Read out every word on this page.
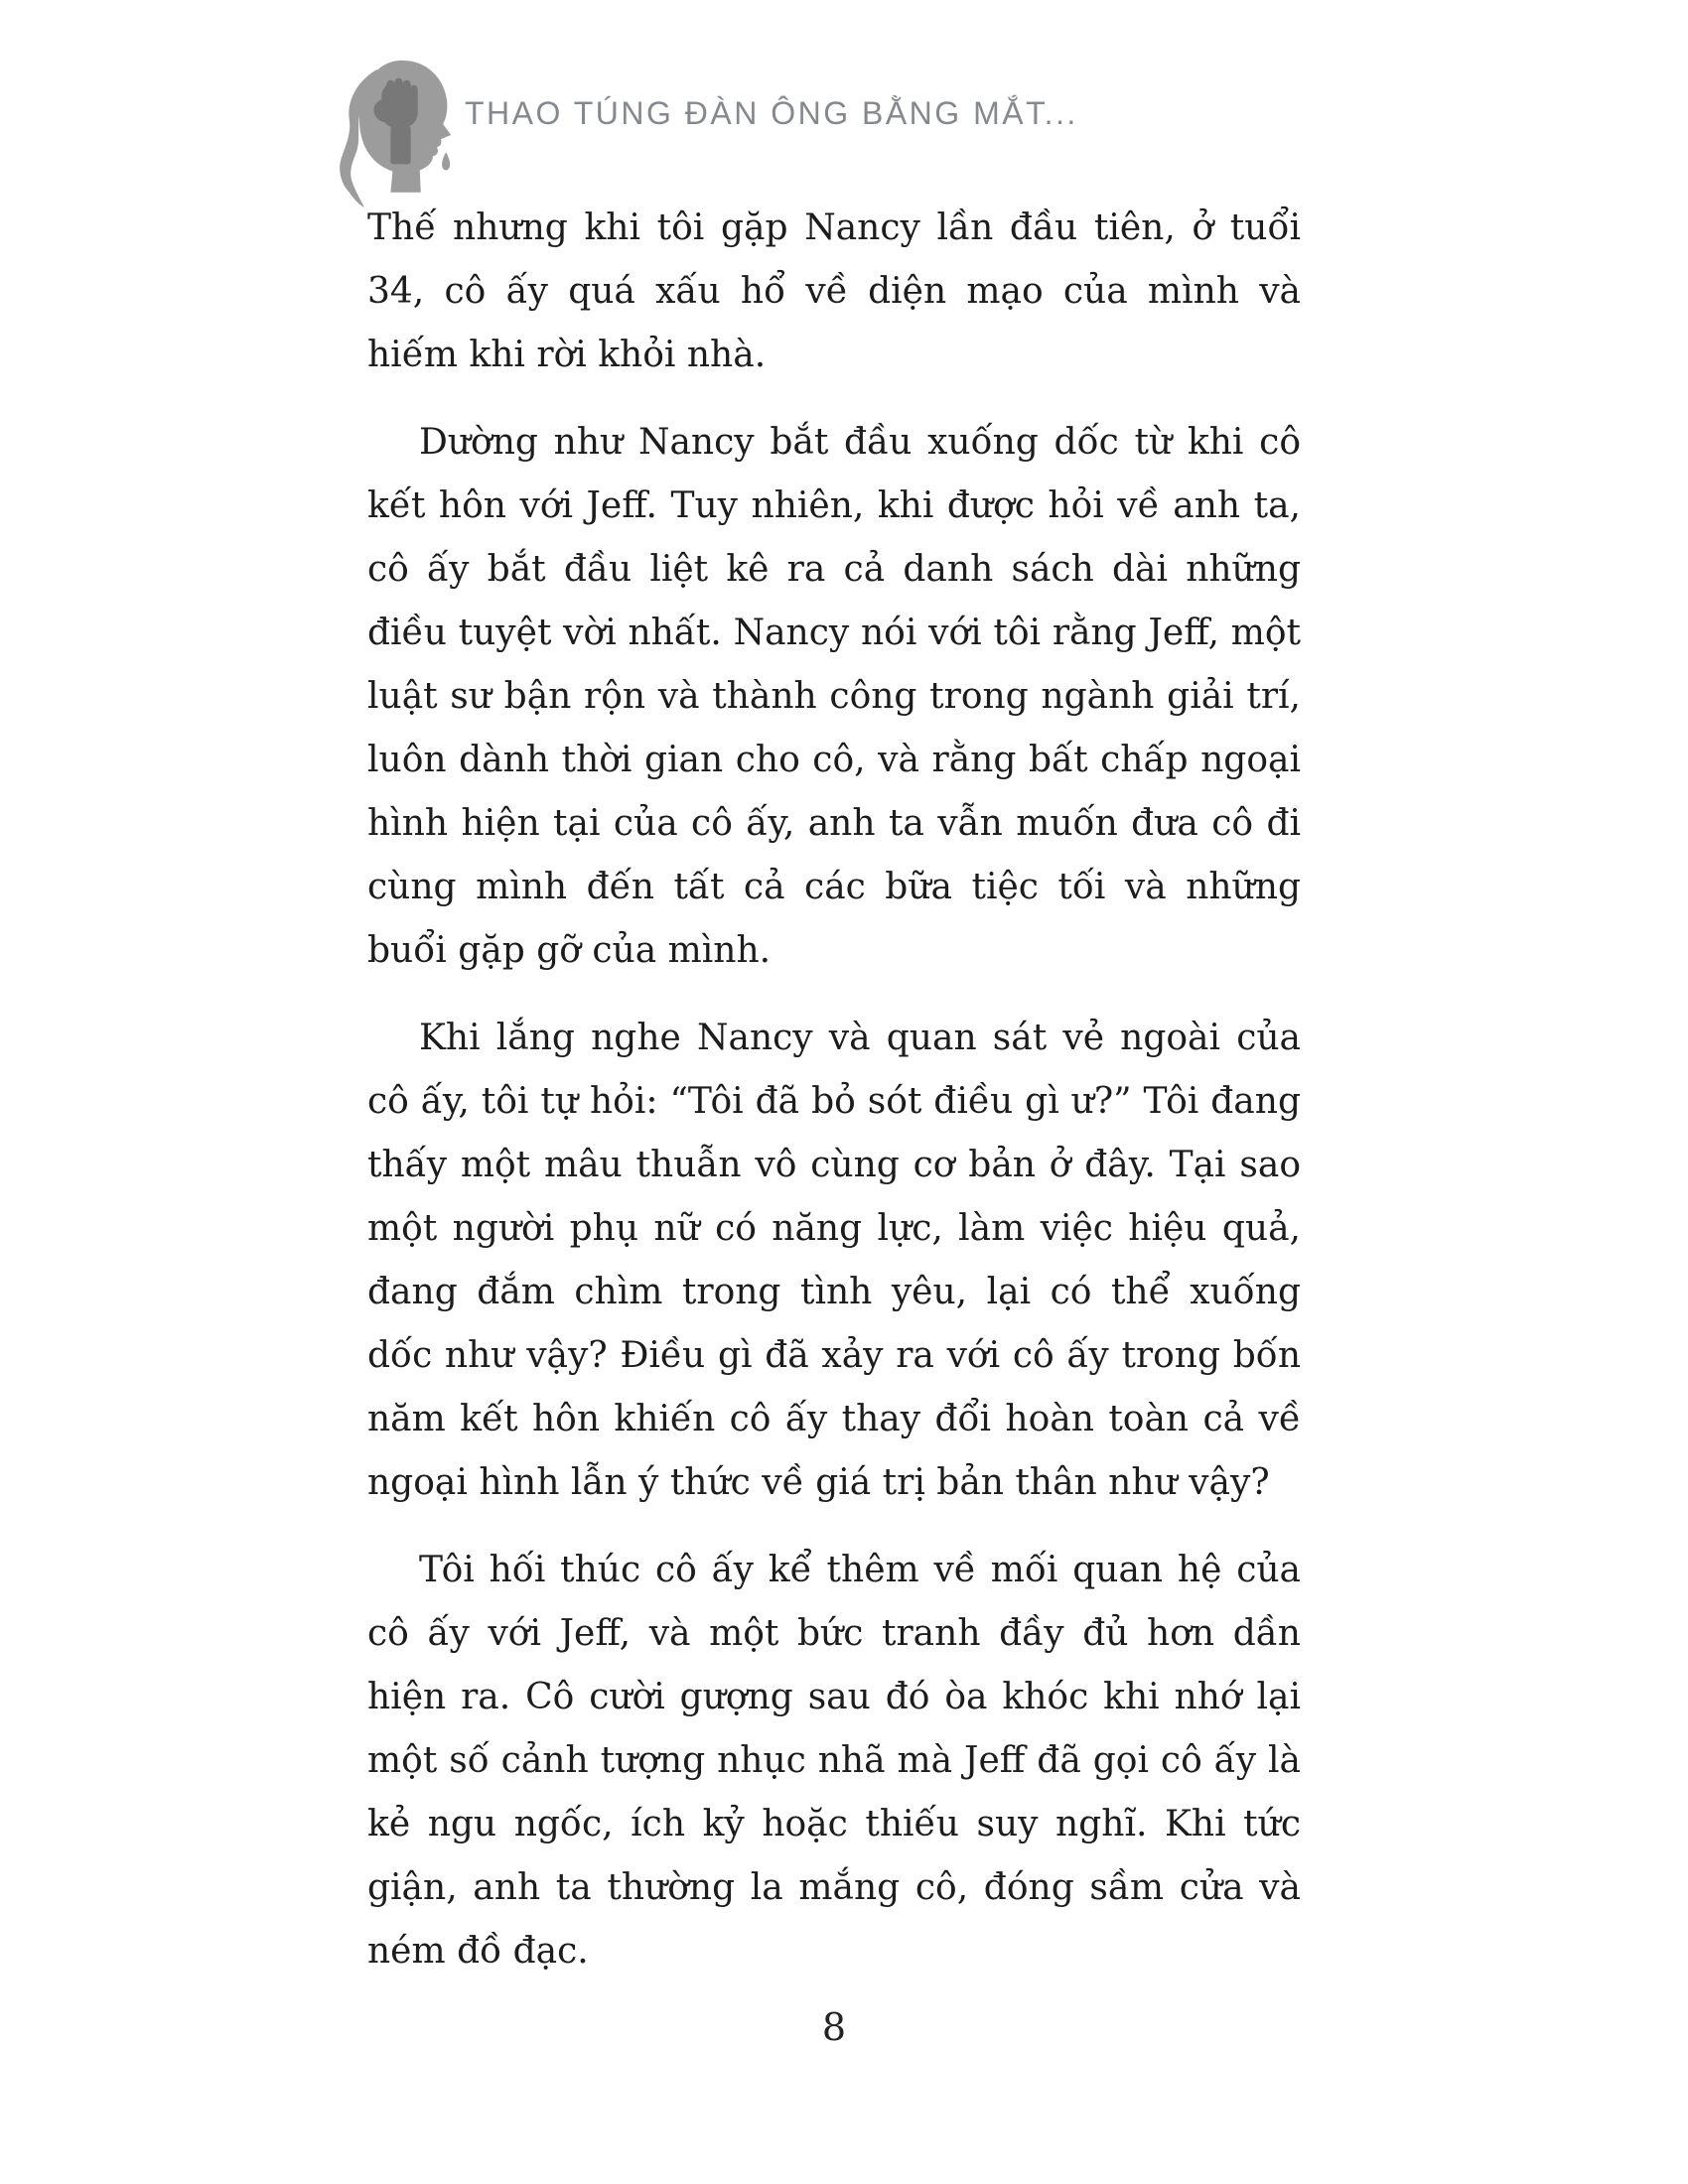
THAO TÚNG ĐÀN ÔNG BẰNG MẮT...

Thế nhưng khi tôi gặp Nancy lần đầu tiên, ở tuổi 34, cô ấy quá xấu hổ về diện mạo của mình và hiếm khi rời khỏi nhà.

Dường như Nancy bắt đầu xuống dốc từ khi cô kết hôn với Jeff. Tuy nhiên, khi được hỏi về anh ta, cô ấy bắt đầu liệt kê ra cả danh sách dài những điều tuyệt vời nhất. Nancy nói với tôi rằng Jeff, một luật sư bận rộn và thành công trong ngành giải trí, luôn dành thời gian cho cô, và rằng bất chấp ngoại hình hiện tại của cô ấy, anh ta vẫn muốn đưa cô đi cùng mình đến tất cả các bữa tiệc tối và những buổi gặp gỡ của mình.

Khi lắng nghe Nancy và quan sát vẻ ngoài của cô ấy, tôi tự hỏi: “Tôi đã bỏ sót điều gì ư?” Tôi đang thấy một mâu thuẫn vô cùng cơ bản ở đây. Tại sao một người phụ nữ có năng lực, làm việc hiệu quả, đang đắm chìm trong tình yêu, lại có thể xuống dốc như vậy? Điều gì đã xảy ra với cô ấy trong bốn năm kết hôn khiến cô ấy thay đổi hoàn toàn cả về ngoại hình lẫn ý thức về giá trị bản thân như vậy?

Tôi hối thúc cô ấy kể thêm về mối quan hệ của cô ấy với Jeff, và một bức tranh đầy đủ hơn dần hiện ra. Cô cười gượng sau đó òa khóc khi nhớ lại một số cảnh tượng nhục nhã mà Jeff đã gọi cô ấy là kẻ ngu ngốc, ích kỷ hoặc thiếu suy nghĩ. Khi tức giận, anh ta thường la mắng cô, đóng sầm cửa và ném đồ đạc.

8
